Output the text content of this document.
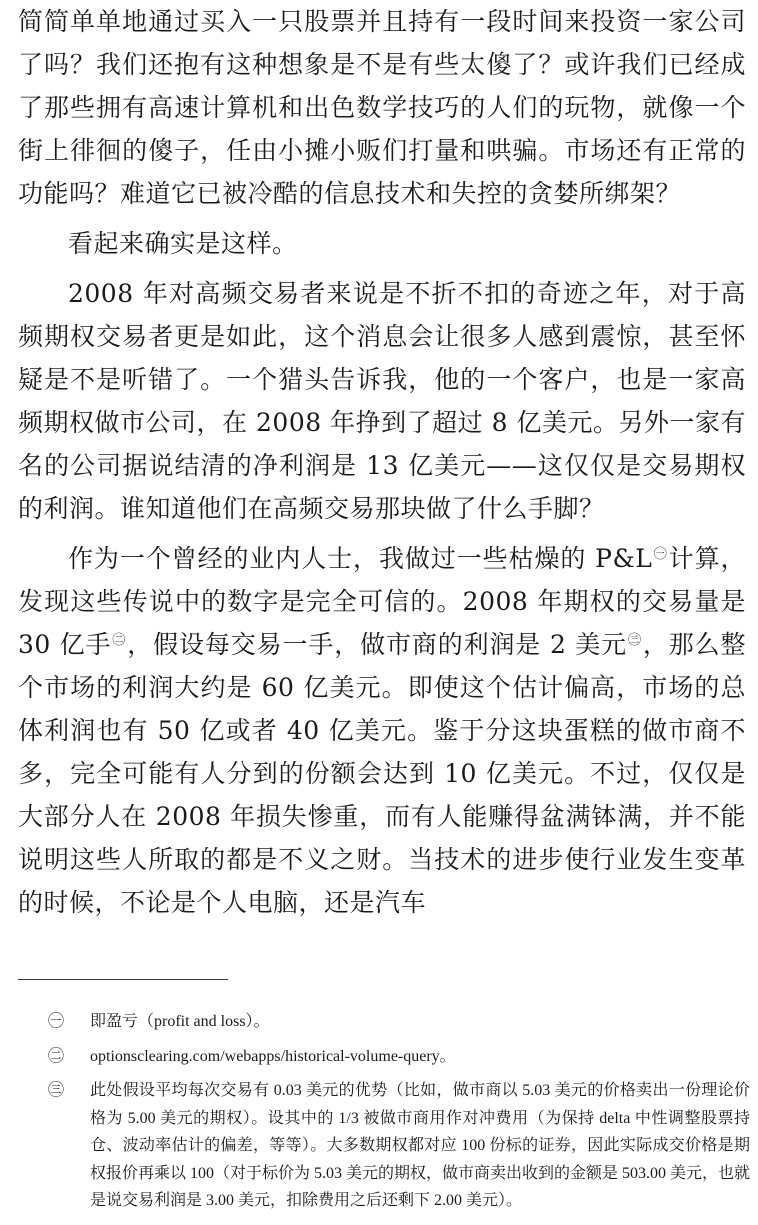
简简单单地通过买入一只股票并且持有一段时间来投资一家公司了吗？我们还抱有这种想象是不是有些太傻了？或许我们已经成了那些拥有高速计算机和出色数学技巧的人们的玩物，就像一个街上徘徊的傻子，任由小摊小贩们打量和哄骗。市场还有正常的功能吗？难道它已被冷酷的信息技术和失控的贪婪所绑架？

看起来确实是这样。

2008 年对高频交易者来说是不折不扣的奇迹之年，对于高频期权交易者更是如此，这个消息会让很多人感到震惊，甚至怀疑是不是听错了。一个猎头告诉我，他的一个客户，也是一家高频期权做市公司，在 2008 年挣到了超过 8 亿美元。另外一家有名的公司据说结清的净利润是 13 亿美元——这仅仅是交易期权的利润。谁知道他们在高频交易那块做了什么手脚？

作为一个曾经的业内人士，我做过一些枯燥的 P&L$^㊀$计算，发现这些传说中的数字是完全可信的。2008 年期权的交易量是 30 亿手$^㊁$，假设每交易一手，做市商的利润是 2 美元$^㊂$，那么整个市场的利润大约是 60 亿美元。即使这个估计偏高，市场的总体利润也有 50 亿或者 40 亿美元。鉴于分这块蛋糕的做市商不多，完全可能有人分到的份额会达到 10 亿美元。不过，仅仅是大部分人在 2008 年损失惨重，而有人能赚得盆满钵满，并不能说明这些人所取的都是不义之财。当技术的进步使行业发生变革的时候，不论是个人电脑，还是汽车

㊀ 即盈亏（profit and loss）。
㊁ optionsclearing.com/webapps/historical-volume-query。
㊂ 此处假设平均每次交易有 0.03 美元的优势（比如，做市商以 5.03 美元的价格卖出一份理论价格为 5.00 美元的期权）。设其中的 1/3 被做市商用作对冲费用（为保持 delta 中性调整股票持仓、波动率估计的偏差，等等）。大多数期权都对应 100 份标的证券，因此实际成交价格是期权报价再乘以 100（对于标价为 5.03 美元的期权，做市商卖出收到的金额是 503.00 美元，也就是说交易利润是 3.00 美元，扣除费用之后还剩下 2.00 美元）。
